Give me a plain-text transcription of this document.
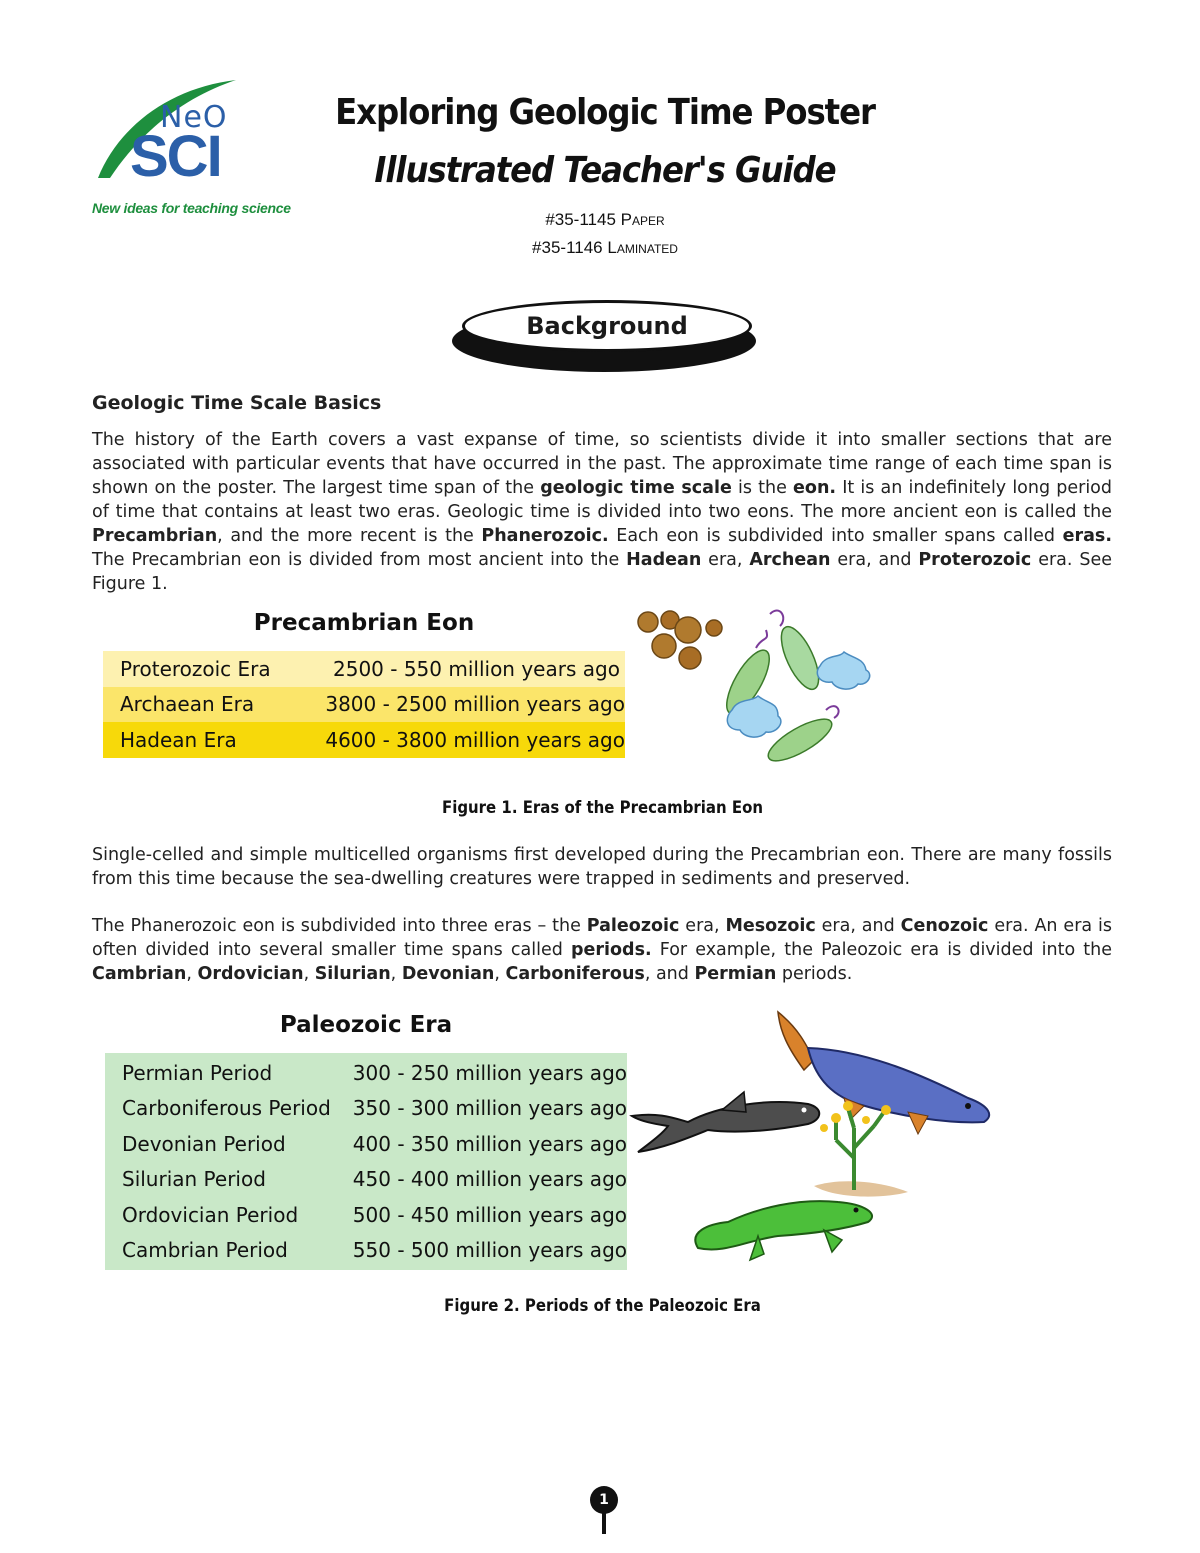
NeO
SCI
New ideas for teaching science
Exploring Geologic Time Poster
Illustrated Teacher's Guide
#35-1145 Paper
#35-1146 Laminated
Background
Geologic Time Scale Basics
The history of the Earth covers a vast expanse of time, so scientists divide it into smaller sections that are associated with particular events that have occurred in the past. The approximate time range of each time span is shown on the poster. The largest time span of the geologic time scale is the eon. It is an indefinitely long period of time that contains at least two eras. Geologic time is divided into two eons. The more ancient eon is called the Precambrian, and the more recent is the Phanerozoic. Each eon is subdivided into smaller spans called eras. The Precambrian eon is divided from most ancient into the Hadean era, Archean era, and Proterozoic era. See Figure 1.
Precambrian Eon
Proterozoic Era	2500 - 550 million years ago
Archaean Era	3800 - 2500 million years ago
Hadean Era	4600 - 3800 million years ago
Figure 1. Eras of the Precambrian Eon
Single-celled and simple multicelled organisms first developed during the Precambrian eon. There are many fossils from this time because the sea-dwelling creatures were trapped in sediments and preserved.
The Phanerozoic eon is subdivided into three eras – the Paleozoic era, Mesozoic era, and Cenozoic era. An era is often divided into several smaller time spans called periods. For example, the Paleozoic era is divided into the Cambrian, Ordovician, Silurian, Devonian, Carboniferous, and Permian periods.
Paleozoic Era
Permian Period	300 - 250 million years ago
Carboniferous Period	350 - 300 million years ago
Devonian Period	400 - 350 million years ago
Silurian Period	450 - 400 million years ago
Ordovician Period	500 - 450 million years ago
Cambrian Period	550 - 500 million years ago
Figure 2. Periods of the Paleozoic Era
1
